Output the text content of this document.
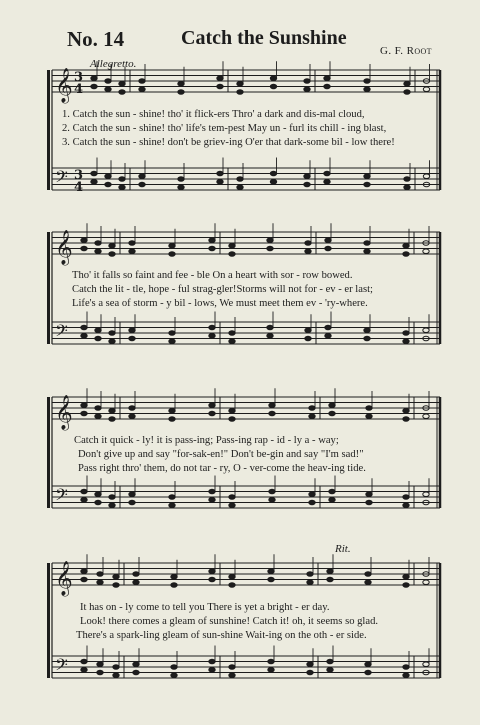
No. 14	Catch the Sunshine
G. F. Root
Allegretto.
Rit.
𝄞 3
4
𝄢 3
4
𝄞
𝄢
𝄞
𝄢
𝄞
𝄢
1. Catch the sun - shine! tho' it flick-ers Thro' a dark and dis-mal cloud,
2. Catch the sun - shine! tho' life's tem-pest May un - furl its chill - ing blast,
3. Catch the sun - shine! don't be griev-ing O'er that dark-some bil - low there!
Tho' it falls so faint and fee - ble On a heart with sor - row bowed.
Catch the lit - tle, hope - ful strag-gler!Storms will not for - ev - er last;
Life's a sea of storm - y bil - lows, We must meet them ev - 'ry-where.
Catch it quick - ly! it is pass-ing; Pass-ing rap - id - ly a - way;
Don't give up and say "for-sak-en!" Don't be-gin and say "I'm sad!"
Pass right thro' them, do not tar - ry, O - ver-come the heav-ing tide.
It has on - ly come to tell you There is yet a bright - er day.
Look! there comes a gleam of sunshine! Catch it! oh, it seems so glad.
There's a spark-ling gleam of sun-shine Wait-ing on the oth - er side.
